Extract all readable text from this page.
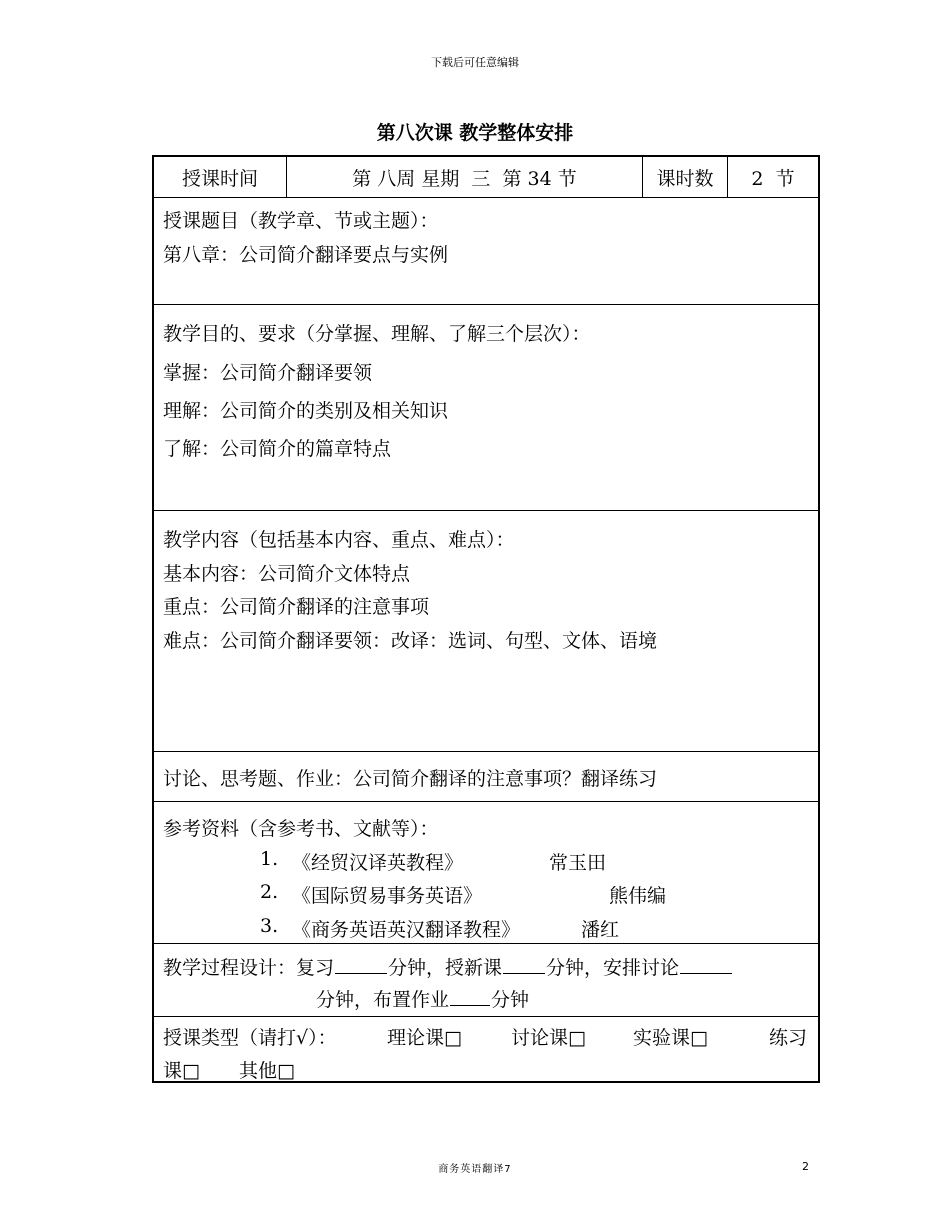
下载后可任意编辑
第八次课 教学整体安排
授课时间	第 八周 星期  三  第 34 节	课时数	2  节
授课题目（教学章、节或主题）：
第八章：公司简介翻译要点与实例
教学目的、要求（分掌握、理解、了解三个层次）：
掌握：公司简介翻译要领
理解：公司简介的类别及相关知识
了解：公司简介的篇章特点
教学内容（包括基本内容、重点、难点）：
基本内容：公司简介文体特点
重点：公司简介翻译的注意事项
难点：公司简介翻译要领：改译：选词、句型、文体、语境
讨论、思考题、作业：公司简介翻译的注意事项？翻译练习
参考资料（含参考书、文献等）：
1. 《经贸汉译英教程》	常玉田
2. 《国际贸易事务英语》	熊伟编
3. 《商务英语英汉翻译教程》	潘红
教学过程设计：复习	分钟，授新课 分钟，安排讨论
分钟，布置作业 分钟
授课类型（请打√）：	理论课□	讨论课□ 实验课□	练习
课□ 其他□
商务英语翻译7	2
